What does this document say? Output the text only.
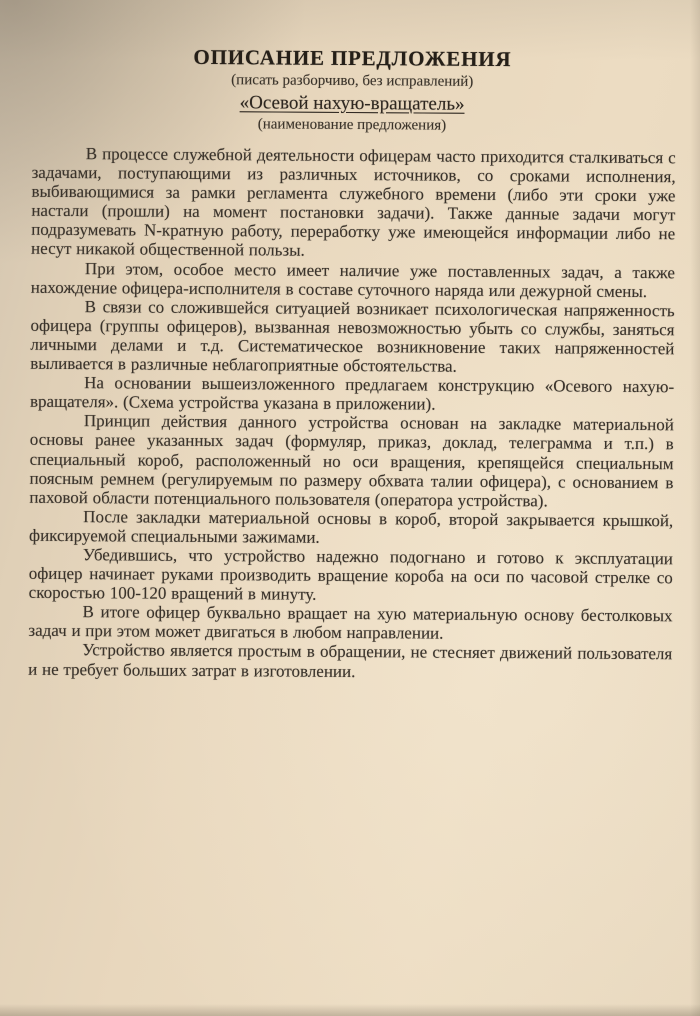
ОПИСАНИЕ ПРЕДЛОЖЕНИЯ
(писать разборчиво, без исправлений)
«Осевой нахую-вращатель»
(наименование предложения)

В процессе служебной деятельности офицерам часто приходится сталкиваться с задачами, поступающими из различных источников, со сроками исполнения, выбивающимися за рамки регламента служебного времени (либо эти сроки уже настали (прошли) на момент постановки задачи). Также данные задачи могут подразумевать N-кратную работу, переработку уже имеющейся информации либо не несут никакой общественной пользы.

При этом, особое место имеет наличие уже поставленных задач, а также нахождение офицера-исполнителя в составе суточного наряда или дежурной смены.

В связи со сложившейся ситуацией возникает психологическая напряженность офицера (группы офицеров), вызванная невозможностью убыть со службы, заняться личными делами и т.д. Систематическое возникновение таких напряженностей выливается в различные неблагоприятные обстоятельства.

На основании вышеизложенного предлагаем конструкцию «Осевого нахую-вращателя». (Схема устройства указана в приложении).

Принцип действия данного устройства основан на закладке материальной основы ранее указанных задач (формуляр, приказ, доклад, телеграмма и т.п.) в специальный короб, расположенный но оси вращения, крепящейся специальным поясным ремнем (регулируемым по размеру обхвата талии офицера), с основанием в паховой области потенциального пользователя (оператора устройства).

После закладки материальной основы в короб, второй закрывается крышкой, фиксируемой специальными зажимами.

Убедившись, что устройство надежно подогнано и готово к эксплуатации офицер начинает руками производить вращение короба на оси по часовой стрелке со скоростью 100-120 вращений в минуту.

В итоге офицер буквально вращает на хую материальную основу бестолковых задач и при этом может двигаться в любом направлении.

Устройство является простым в обращении, не стесняет движений пользователя и не требует больших затрат в изготовлении.
